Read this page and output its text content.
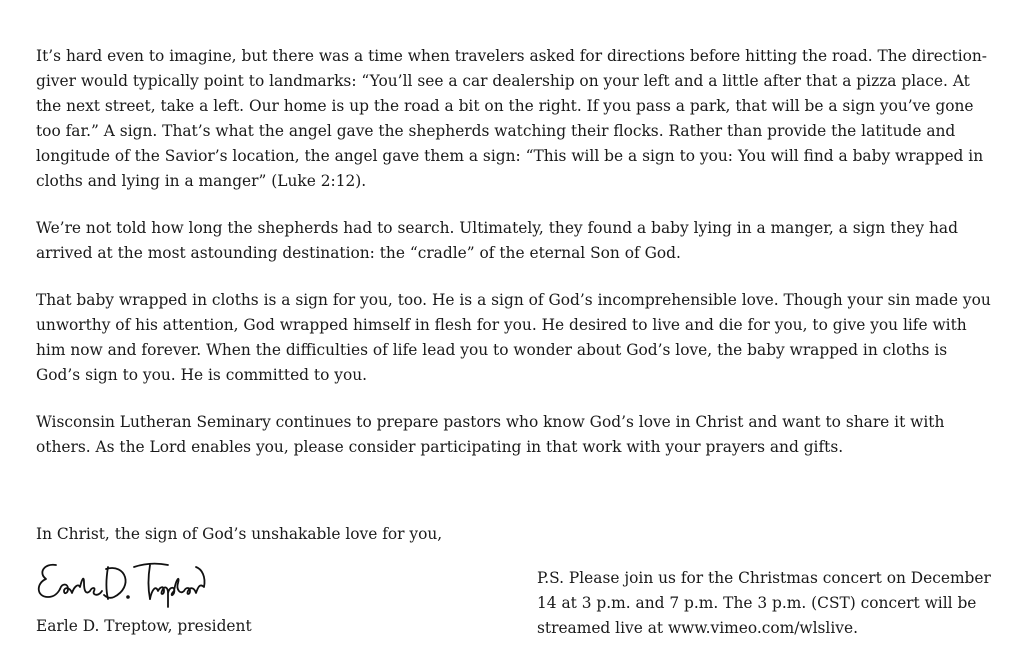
It’s hard even to imagine, but there was a time when travelers asked for directions before hitting the road. The direction-giver would typically point to landmarks: “You’ll see a car dealership on your left and a little after that a pizza place. At the next street, take a left. Our home is up the road a bit on the right. If you pass a park, that will be a sign you’ve gone too far.” A sign. That’s what the angel gave the shepherds watching their flocks. Rather than provide the latitude and longitude of the Savior’s location, the angel gave them a sign: “This will be a sign to you: You will find a baby wrapped in cloths and lying in a manger” (Luke 2:12).

We’re not told how long the shepherds had to search. Ultimately, they found a baby lying in a manger, a sign they had arrived at the most astounding destination: the “cradle” of the eternal Son of God.

That baby wrapped in cloths is a sign for you, too. He is a sign of God’s incomprehensible love. Though your sin made you unworthy of his attention, God wrapped himself in flesh for you. He desired to live and die for you, to give you life with him now and forever. When the difficulties of life lead you to wonder about God’s love, the baby wrapped in cloths is God’s sign to you. He is committed to you.

Wisconsin Lutheran Seminary continues to prepare pastors who know God’s love in Christ and want to share it with others. As the Lord enables you, please consider participating in that work with your prayers and gifts.

In Christ, the sign of God’s unshakable love for you,

Earle D. Treptow, president

P.S. Please join us for the Christmas concert on December 14 at 3 p.m. and 7 p.m. The 3 p.m. (CST) concert will be streamed live at www.vimeo.com/wlslive.
